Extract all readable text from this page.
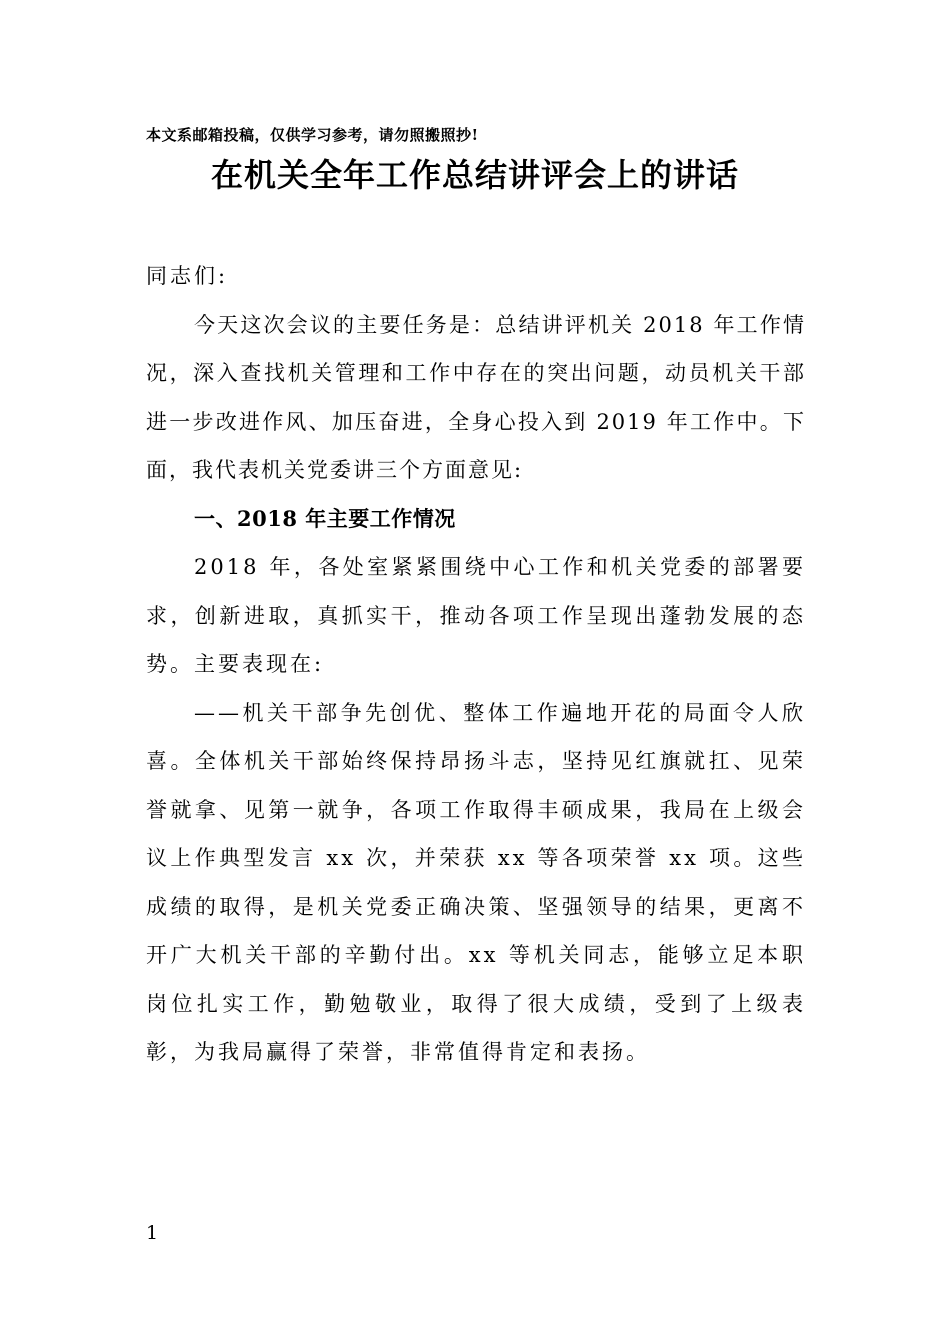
本文系邮箱投稿，仅供学习参考，请勿照搬照抄!
在机关全年工作总结讲评会上的讲话

同志们:

今天这次会议的主要任务是：总结讲评机关 2018 年工作情况，深入查找机关管理和工作中存在的突出问题，动员机关干部进一步改进作风、加压奋进，全身心投入到 2019 年工作中。下面，我代表机关党委讲三个方面意见:

一、2018 年主要工作情况

2018 年，各处室紧紧围绕中心工作和机关党委的部署要求，创新进取，真抓实干，推动各项工作呈现出蓬勃发展的态势。主要表现在:

——机关干部争先创优、整体工作遍地开花的局面令人欣喜。全体机关干部始终保持昂扬斗志，坚持见红旗就扛、见荣誉就拿、见第一就争，各项工作取得丰硕成果，我局在上级会议上作典型发言 xx 次，并荣获 xx 等各项荣誉 xx 项。这些成绩的取得，是机关党委正确决策、坚强领导的结果，更离不开广大机关干部的辛勤付出。xx 等机关同志，能够立足本职岗位扎实工作，勤勉敬业，取得了很大成绩，受到了上级表彰，为我局赢得了荣誉，非常值得肯定和表扬。

1
